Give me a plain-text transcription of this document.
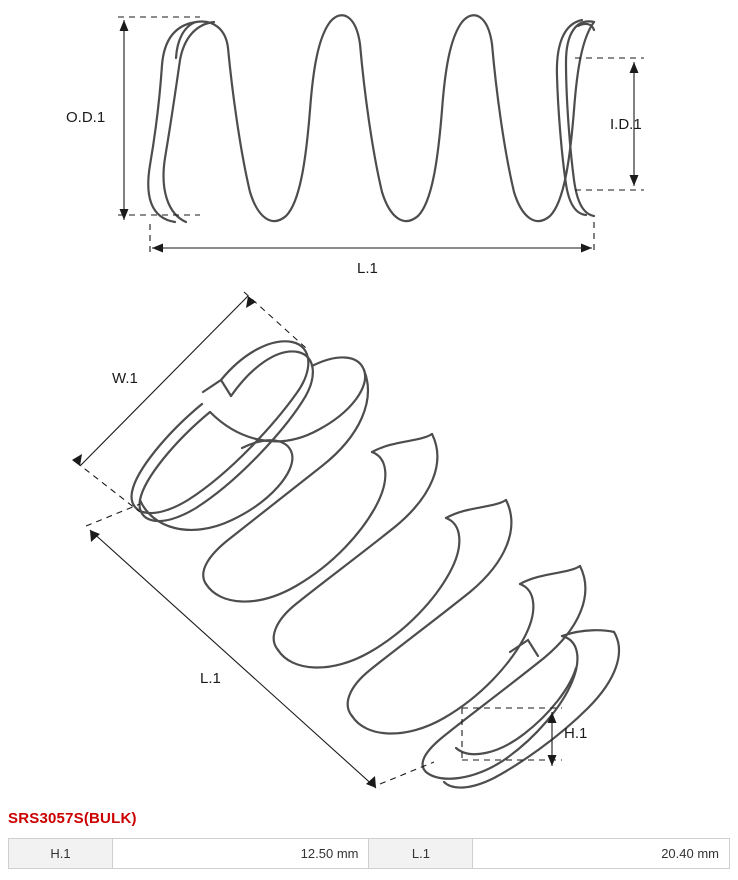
O.D.1	I.D.1
L.1
W.1
L.1
H.1
SRS3057S(BULK)
H.1	12.50 mm	L.1	20.40 mm
